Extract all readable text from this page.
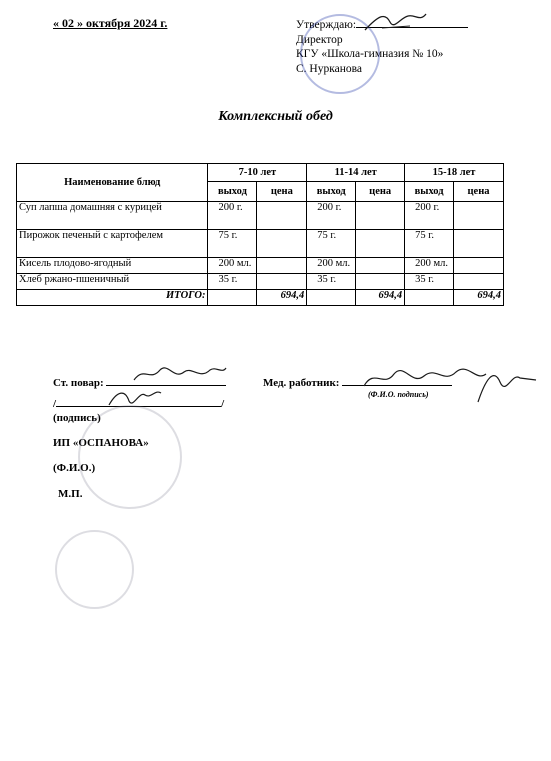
« 02 » октября 2024 г.	Утверждаю:
Директор
КГУ «Школа-гимназия № 10»
С. Нурканова
Комплексный обед
Наименование блюд	7-10 лет		11-14 лет		15-18 лет	
	выход	цена	выход	цена	выход	цена
Суп лапша домашняя с курицей	200 г.		200 г.		200 г.	
Пирожок печеный с картофелем	75 г.		75 г.		75 г.	
Кисель плодово-ягодный	200 мл.		200 мл.		200 мл.	
Хлеб ржано-пшеничный	35 г.		35 г.		35 г.	
ИТОГО:		694,4		694,4		694,4
Ст. повар:
/	/
(подпись)
ИП «ОСПАНОВА»
(Ф.И.О.)
М.П.
Мед. работник:
(Ф.И.О. подпись)
